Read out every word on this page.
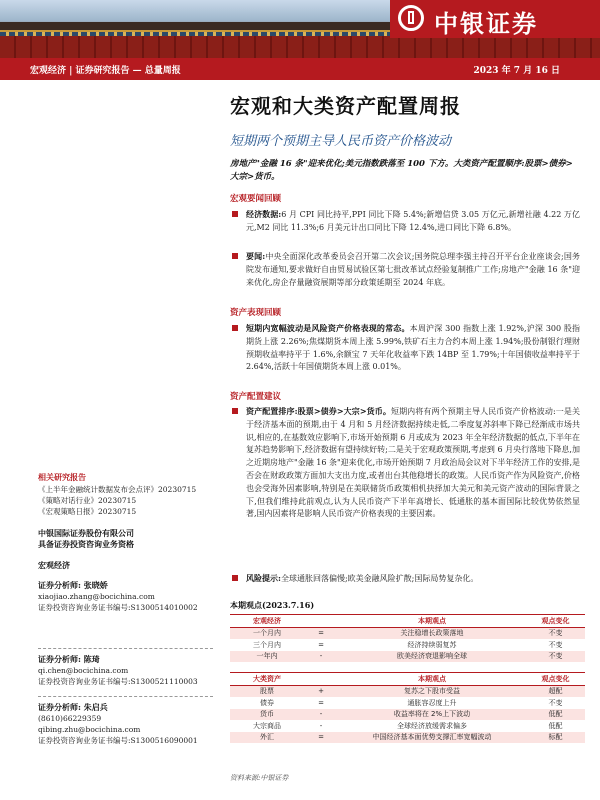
中银证券
宏观经济 | 证券研究报告 — 总量周报	2023 年 7 月 16 日
宏观和大类资产配置周报
短期两个预期主导人民币资产价格波动
房地产"金融 16 条"迎来优化;美元指数跌落至 100 下方。大类资产配置顺序:股票>债券>大宗>货币。
宏观要闻回顾
经济数据:6 月 CPI 同比持平,PPI 同比下降 5.4%;新增信贷 3.05 万亿元,新增社融 4.22 万亿元,M2 同比 11.3%;6 月美元计出口同比下降 12.4%,进口同比下降 6.8%。
要闻:中央全面深化改革委员会召开第二次会议;国务院总理李强主持召开平台企业座谈会;国务院发布通知,要求做好自由贸易试验区第七批改革试点经验复制推广工作;房地产"金融 16 条"迎来优化,房企存量融资展期等部分政策延期至 2024 年底。
资产表现回顾
短期内宽幅波动是风险资产价格表现的常态。本周沪深 300 指数上涨 1.92%,沪深 300 股指期货上涨 2.26%;焦煤期货本周上涨 5.99%,铁矿石主力合约本周上涨 1.94%;股份制银行理财预期收益率持平于 1.6%,余额宝 7 天年化收益率下跌 14BP 至 1.79%;十年国债收益率持平于 2.64%,活跃十年国债期货本周上涨 0.01%。
资产配置建议
资产配置排序:股票>债券>大宗>货币。短期内将有两个预期主导人民币资产价格波动:一是关于经济基本面的预期,由于 4 月和 5 月经济数据持续走低,二季度复苏斜率下降已经渐成市场共识,相应的,在基数效应影响下,市场开始预期 6 月或成为 2023 年全年经济数据的低点,下半年在复苏趋势影响下,经济数据有望持续好转;二是关于宏观政策预期,考虑到 6 月央行落地下降息,加之近期房地产"金融 16 条"迎来优化,市场开始预期 7 月政治局会议对下半年经济工作的安排,是否会在财政政策方面加大支出力度,或者出台其他稳增长的政策。人民币资产作为风险资产,价格也会受海外因素影响,特别是在美联储货币政策相机抉择加大美元和美元资产波动的国际背景之下,但我们维持此前观点,认为人民币资产下半年高增长、低通胀的基本面国际比较优势依然显著,国内因素将是影响人民币资产价格表现的主要因素。
风险提示:全球通胀回落偏慢;欧美金融风险扩散;国际局势复杂化。
相关研究报告
《上半年金融统计数据发布会点评》20230715
《策略对话行业》20230715
《宏观策略日报》20230715
中银国际证券股份有限公司
具备证券投资咨询业务资格
宏观经济
证券分析师: 张晓娇
xiaojiao.zhang@bocichina.com
证券投资咨询业务证书编号:S1300514010002
证券分析师: 陈琦
qi.chen@bocichina.com
证券投资咨询业务证书编号:S1300521110003
证券分析师: 朱启兵
(8610)66229359
qibing.zhu@bocichina.com
证券投资咨询业务证书编号:S1300516090001
本期观点(2023.7.16)
宏观经济		本期观点	观点变化
一个月内	=	关注稳增长政策落地	不变
三个月内	=	经济持续弱复苏	不变
一年内	-	欧美经济衰退影响全球	不变
大类资产		本期观点	观点变化
股票	+	复苏之下股市受益	超配
债券	=	通胀容忍度上升	不变
货币	-	收益率将在 2%上下波动	低配
大宗商品	-	全球经济放缓需求偏多	低配
外汇	=	中国经济基本面优势支撑汇率宽幅波动	标配
资料来源:中银证券
